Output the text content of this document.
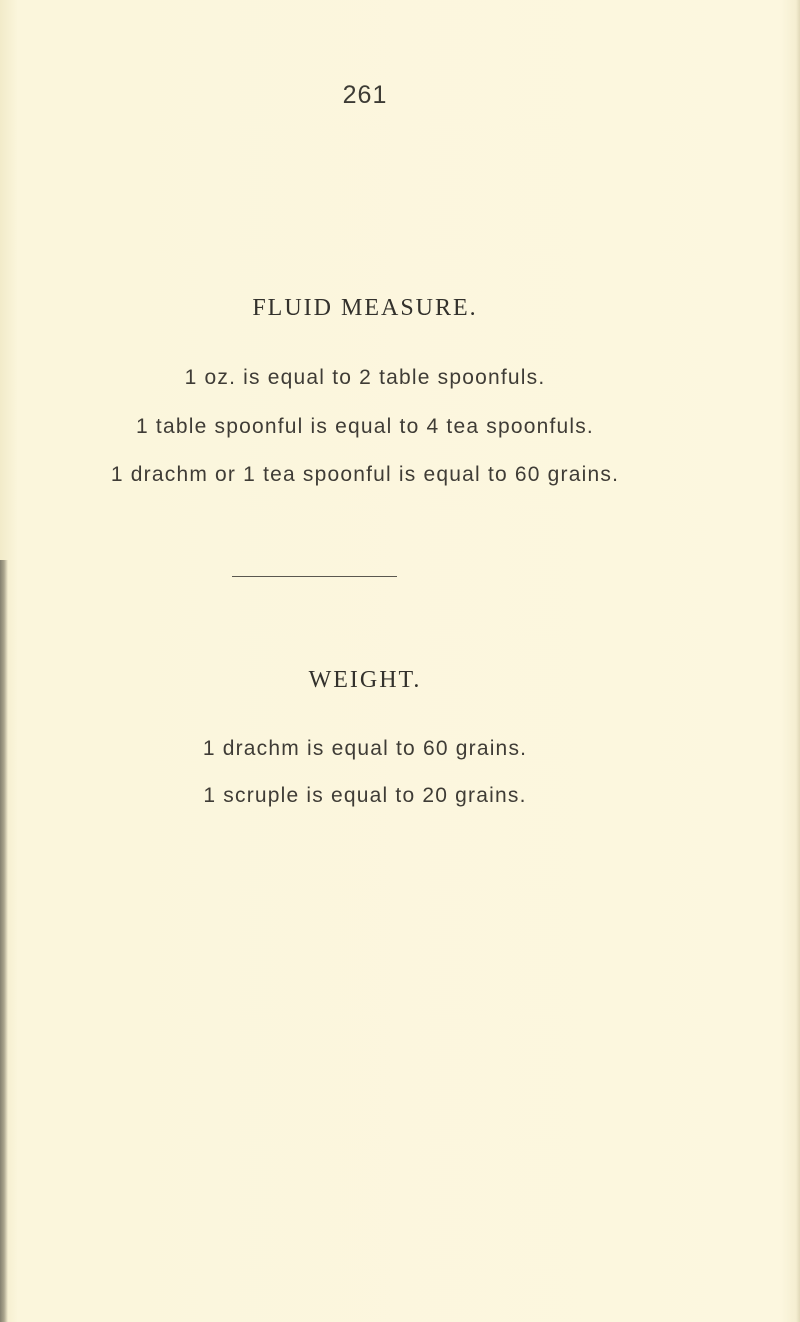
261
FLUID MEASURE.
1 oz. is equal to 2 table spoonfuls.
1 table spoonful is equal to 4 tea spoonfuls.
1 drachm or 1 tea spoonful is equal to 60 grains.
WEIGHT.
1 drachm is equal to 60 grains.
1 scruple is equal to 20 grains.
